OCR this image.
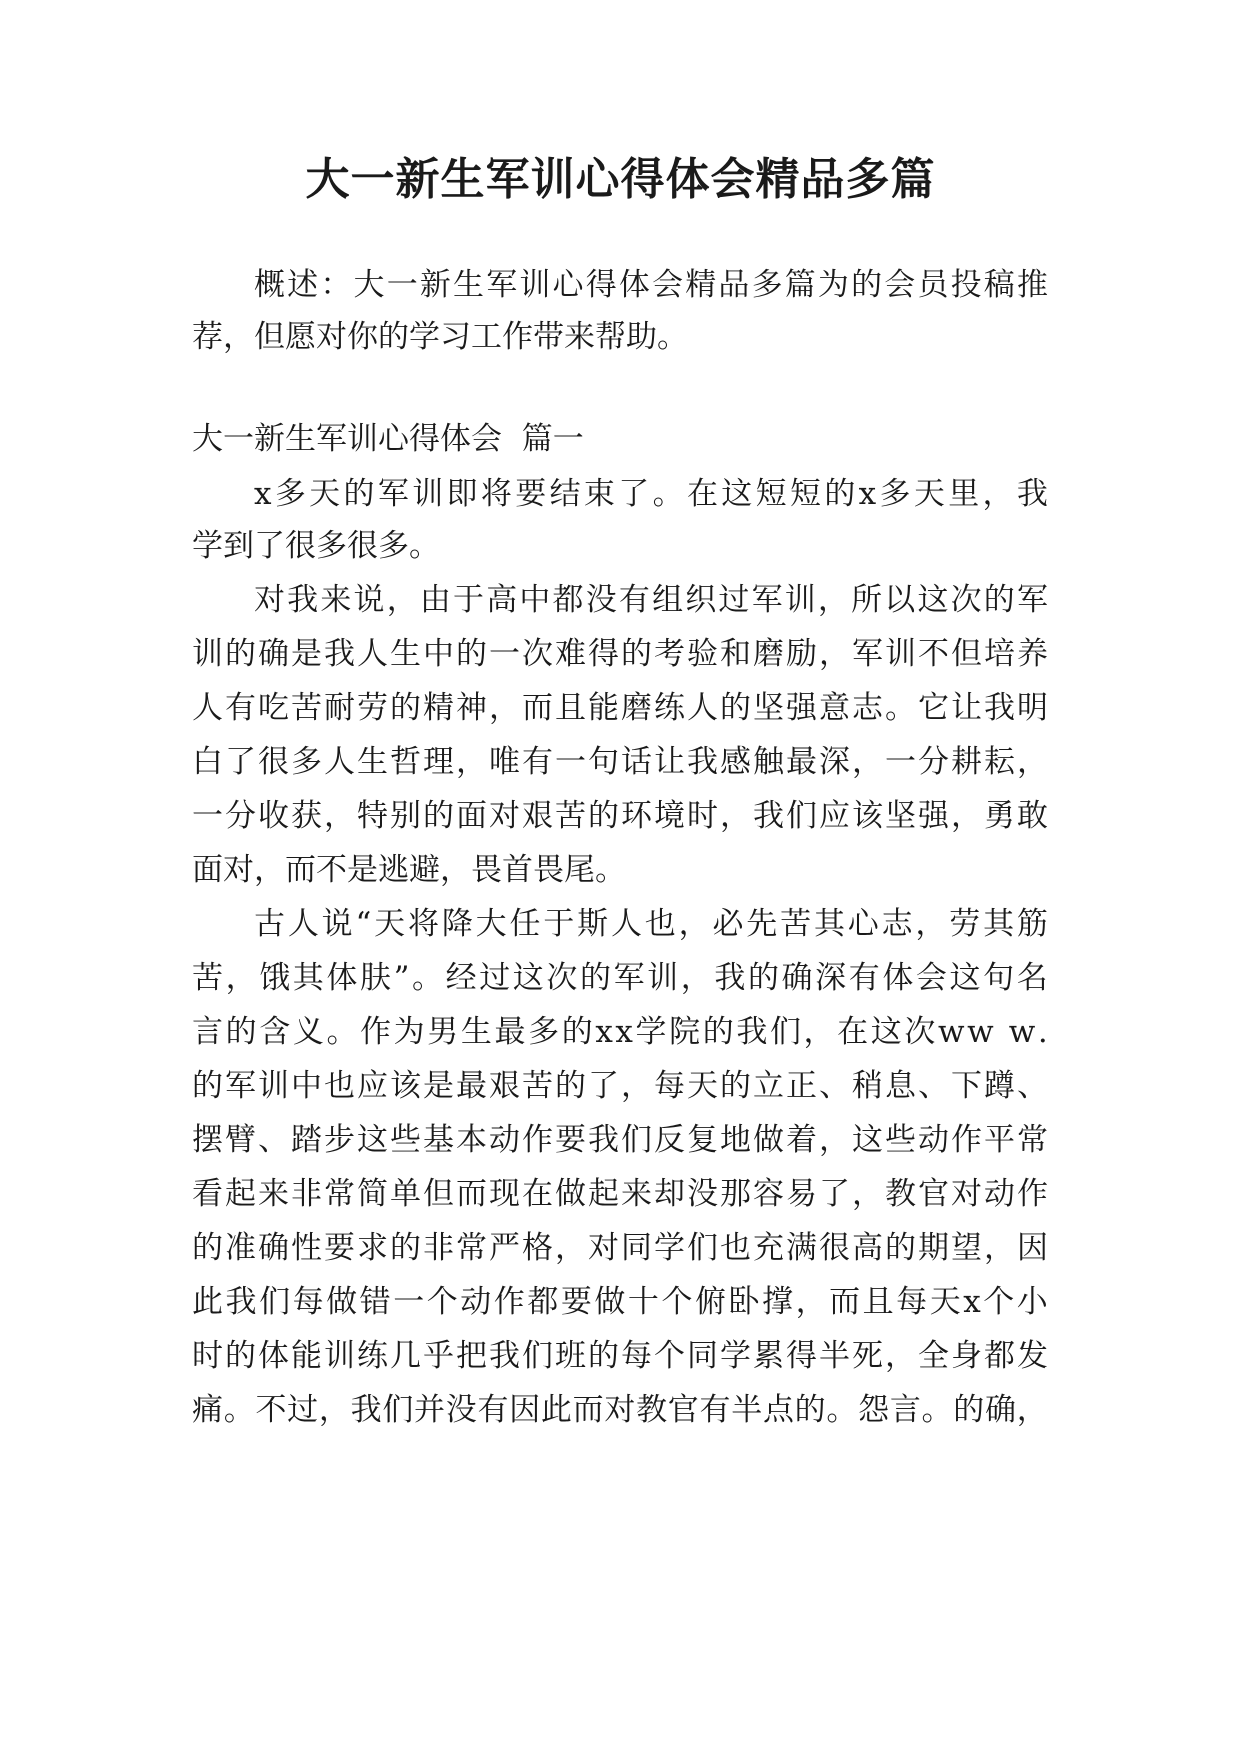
大一新生军训心得体会精品多篇

概 述 ： 大 一 新 生 军 训 心 得 体 会 精 品 多 篇 为 的 会 员 投 稿 推

荐，但愿对你的学习工作带来帮助。

大一新生军训心得体会  篇一

x 多 天 的 军 训 即 将 要 结 束 了 。 在 这 短 短 的 x 多 天 里 ， 我

学到了很多很多。

对 我 来 说 ， 由 于 高 中 都 没 有 组 织 过 军 训 ， 所 以 这 次 的 军

训 的 确 是 我 人 生 中 的 一 次 难 得 的 考 验 和 磨 励 ， 军 训 不 但 培 养

人 有 吃 苦 耐 劳 的 精 神 ， 而 且 能 磨 练 人 的 坚 强 意 志 。 它 让 我 明

白 了 很 多 人 生 哲 理 ， 唯 有 一 句 话 让 我 感 触 最 深 ， 一 分 耕 耘 ，

一 分 收 获 ， 特 别 的 面 对 艰 苦 的 环 境 时 ， 我 们 应 该 坚 强 ， 勇 敢

面对，而不是逃避，畏首畏尾。

古 人 说 “ 天 将 降 大 任 于 斯 人 也 ， 必 先 苦 其 心 志 ， 劳 其 筋

苦 ， 饿 其 体 肤 ” 。 经 过 这 次 的 军 训 ， 我 的 确 深 有 体 会 这 句 名

言 的 含 义 。 作 为 男 生 最 多 的 x x 学 院 的 我 们 ， 在 这 次 w w
w .

的 军 训 中 也 应 该 是 最 艰 苦 的 了 ， 每 天 的 立 正 、 稍 息 、 下 蹲 、

摆 臂 、 踏 步 这 些 基 本 动 作 要 我 们 反 复 地 做 着 ， 这 些 动 作 平 常

看 起 来 非 常 简 单 但 而 现 在 做 起 来 却 没 那 容 易 了 ， 教 官 对 动 作

的 准 确 性 要 求 的 非 常 严 格 ， 对 同 学 们 也 充 满 很 高 的 期 望 ， 因

此 我 们 每 做 错 一 个 动 作 都 要 做 十 个 俯 卧 撑 ， 而 且 每 天 x 个 小

时 的 体 能 训 练 几 乎 把 我 们 班 的 每 个 同 学 累 得 半 死 ， 全 身 都 发

痛 。 不 过 ， 我 们 并 没 有 因 此 而 对 教 官 有 半 点 的 。 怨 言 。 的 确 ，
